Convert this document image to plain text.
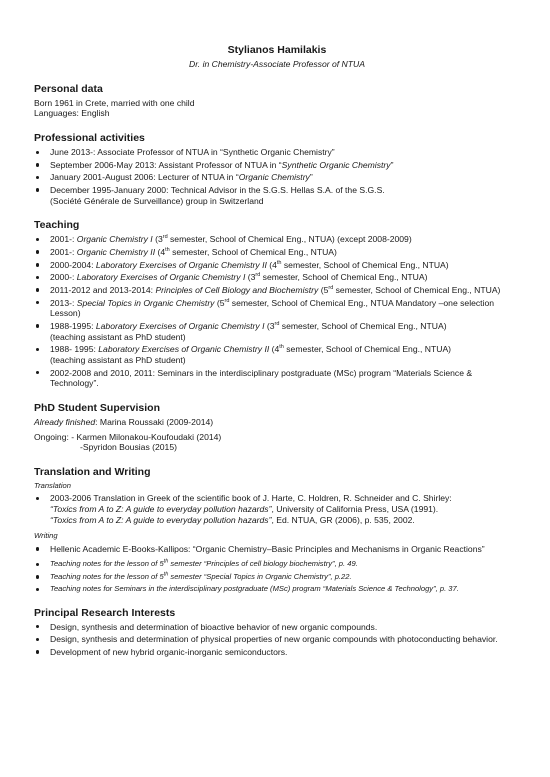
Stylianos Hamilakis

Dr. in Chemistry-Associate Professor of NTUA

Personal data

Born 1961 in Crete, married with one child

Languages: English

Professional activities
June 2013-: Associate Professor of NTUA in “Synthetic Organic Chemistry”
September 2006-May 2013: Assistant Professor of NTUA in “Synthetic Organic Chemistry”
January 2001-August 2006: Lecturer of NTUA in “Organic Chemistry”
December 1995-January 2000: Technical Advisor in the S.G.S. Hellas S.A. of the S.G.S.
(Société Générale de Surveillance) group in Switzerland
Teaching
2001-: Organic Chemistry I (3rd semester, School of Chemical Eng., NTUA) (except 2008-2009)
2001-: Organic Chemistry II (4th semester, School of Chemical Eng., NTUA)
2000-2004: Laboratory Exercises of Organic Chemistry II (4th semester, School of Chemical Eng., NTUA)
2000-: Laboratory Exercises of Organic Chemistry I (3rd semester, School of Chemical Eng., NTUA)
2011-2012 and 2013-2014: Principles of Cell Biology and Biochemistry (5rd semester, School of Chemical Eng., NTUA)
2013-: Special Topics in Organic Chemistry (5rd semester, School of Chemical Eng., NTUA Mandatory –one selection Lesson)
1988-1995: Laboratory Exercises of Organic Chemistry I (3rd semester, School of Chemical Eng., NTUA)
(teaching assistant as PhD student)
1988- 1995: Laboratory Exercises of Organic Chemistry II (4th semester, School of Chemical Eng., NTUA)
(teaching assistant as PhD student)
2002-2008 and 2010, 2011: Seminars in the interdisciplinary postgraduate (MSc) program “Materials Science & Technology”.
PhD Student Supervision

Already finished: Marina Roussaki (2009-2014)

Ongoing: - Karmen Milonakou-Koufoudaki (2014)

-Spyridon Bousias (2015)

Translation and Writing

Translation

2003-2006 Translation in Greek of the scientific book of J. Harte, C. Holdren, R. Schneider and C. Shirley:
“Toxics from A to Z: A guide to everyday pollution hazards”, University of California Press, USA (1991).
“Toxics from A to Z: A guide to everyday pollution hazards”, Ed. NTUA, GR (2006), p. 535, 2002.

Writing

Hellenic Academic E-Books-Kallipos: “Organic Chemistry–Basic Principles and Mechanisms in Organic Reactions”
Teaching notes for the lesson of 5th semester “Principles of cell biology biochemistry”, p. 49.
Teaching notes for the lesson of 5th semester “Special Topics in Organic Chemistry”, p.22.
Teaching notes for Seminars in the interdisciplinary postgraduate (MSc) program “Materials Science & Technology”, p. 37.
Principal Research Interests
Design, synthesis and determination of bioactive behavior of new organic compounds.
Design, synthesis and determination of physical properties of new organic compounds with photoconducting behavior.
Development of new hybrid organic-inorganic semiconductors.
